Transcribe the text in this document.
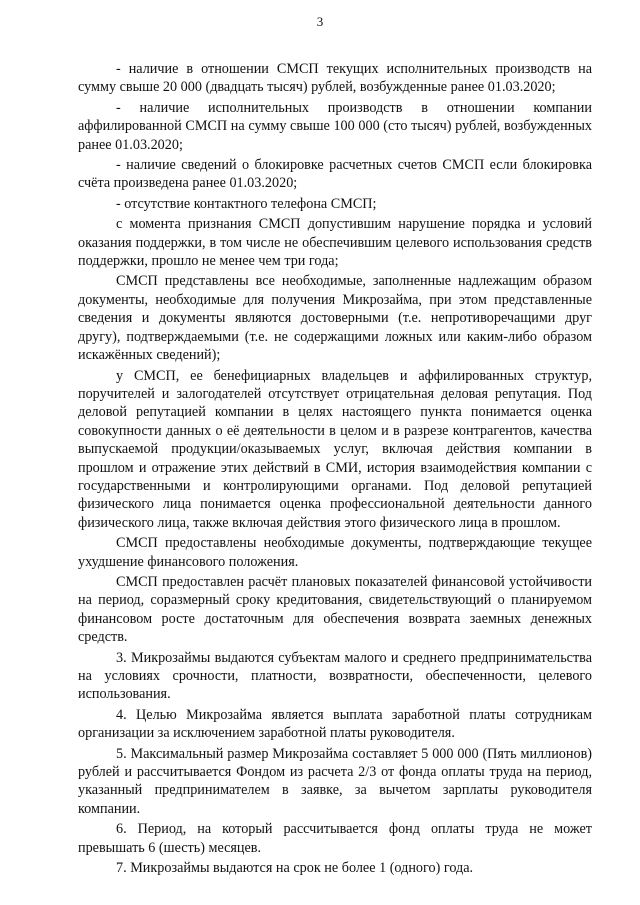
3

- наличие в отношении СМСП текущих исполнительных производств на сумму свыше 20 000 (двадцать тысяч) рублей, возбужденные ранее 01.03.2020;

- наличие исполнительных производств в отношении компании аффилированной СМСП на сумму свыше 100 000 (сто тысяч) рублей, возбужденных ранее 01.03.2020;

- наличие сведений о блокировке расчетных счетов СМСП если блокировка счёта произведена ранее 01.03.2020;

- отсутствие контактного телефона СМСП;

с момента признания СМСП допустившим нарушение порядка и условий оказания поддержки, в том числе не обеспечившим целевого использования средств поддержки, прошло не менее чем три года;

СМСП представлены все необходимые, заполненные надлежащим образом документы, необходимые для получения Микрозайма, при этом представленные сведения и документы являются достоверными (т.е. непротиворечащими друг другу), подтверждаемыми (т.е. не содержащими ложных или каким-либо образом искажённых сведений);

у СМСП, ее бенефициарных владельцев и аффилированных структур, поручителей и залогодателей отсутствует отрицательная деловая репутация. Под деловой репутацией компании в целях настоящего пункта понимается оценка совокупности данных о её деятельности в целом и в разрезе контрагентов, качества выпускаемой продукции/оказываемых услуг, включая действия компании в прошлом и отражение этих действий в СМИ, история взаимодействия компании с государственными и контролирующими органами. Под деловой репутацией физического лица понимается оценка профессиональной деятельности данного физического лица, также включая действия этого физического лица в прошлом.

СМСП предоставлены необходимые документы, подтверждающие текущее ухудшение финансового положения.

СМСП предоставлен расчёт плановых показателей финансовой устойчивости на период, соразмерный сроку кредитования, свидетельствующий о планируемом финансовом росте достаточным для обеспечения возврата заемных денежных средств.

3. Микрозаймы выдаются субъектам малого и среднего предпринимательства на условиях срочности, платности, возвратности, обеспеченности, целевого использования.

4. Целью Микрозайма является выплата заработной платы сотрудникам организации за исключением заработной платы руководителя.

5. Максимальный размер Микрозайма составляет 5 000 000 (Пять миллионов) рублей и рассчитывается Фондом из расчета 2/3 от фонда оплаты труда на период, указанный предпринимателем в заявке, за вычетом зарплаты руководителя компании.

6. Период, на который рассчитывается фонд оплаты труда не может превышать 6 (шесть) месяцев.

7. Микрозаймы выдаются на срок не более 1 (одного) года.
